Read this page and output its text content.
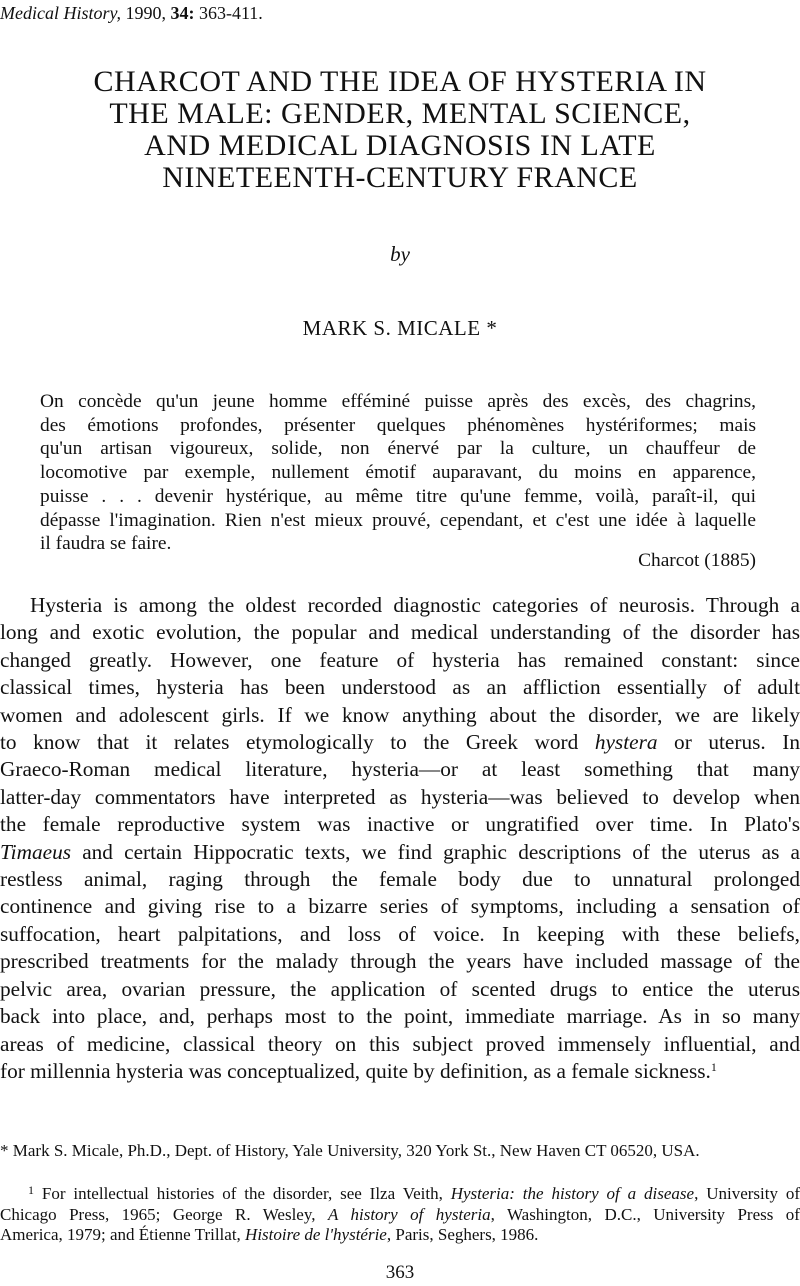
Medical History, 1990, 34: 363-411.
CHARCOT AND THE IDEA OF HYSTERIA IN
THE MALE: GENDER, MENTAL SCIENCE,
AND MEDICAL DIAGNOSIS IN LATE
NINETEENTH-CENTURY FRANCE
by
MARK S. MICALE *

On concède qu'un jeune homme efféminé puisse après des excès, des chagrins,
des émotions profondes, présenter quelques phénomènes hystériformes; mais
qu'un artisan vigoureux, solide, non énervé par la culture, un chauffeur de
locomotive par exemple, nullement émotif auparavant, du moins en apparence,
puisse . . . devenir hystérique, au même titre qu'une femme, voilà, paraît-il, qui
dépasse l'imagination. Rien n'est mieux prouvé, cependant, et c'est une idée à laquelle
il faudra se faire.

Charcot (1885)

Hysteria is among the oldest recorded diagnostic categories of neurosis. Through a
long and exotic evolution, the popular and medical understanding of the disorder has
changed greatly. However, one feature of hysteria has remained constant: since
classical times, hysteria has been understood as an affliction essentially of adult
women and adolescent girls. If we know anything about the disorder, we are likely
to know that it relates etymologically to the Greek word hystera or uterus. In
Graeco-Roman medical literature, hysteria—or at least something that many
latter-day commentators have interpreted as hysteria—was believed to develop when
the female reproductive system was inactive or ungratified over time. In Plato's
Timaeus and certain Hippocratic texts, we find graphic descriptions of the uterus as a
restless animal, raging through the female body due to unnatural prolonged
continence and giving rise to a bizarre series of symptoms, including a sensation of
suffocation, heart palpitations, and loss of voice. In keeping with these beliefs,
prescribed treatments for the malady through the years have included massage of the
pelvic area, ovarian pressure, the application of scented drugs to entice the uterus
back into place, and, perhaps most to the point, immediate marriage. As in so many
areas of medicine, classical theory on this subject proved immensely influential, and
for millennia hysteria was conceptualized, quite by definition, as a female sickness.$^1$

* Mark S. Micale, Ph.D., Dept. of History, Yale University, 320 York St., New Haven CT 06520, USA.

$^1$ For intellectual histories of the disorder, see Ilza Veith, Hysteria: the history of a disease, University of
Chicago Press, 1965; George R. Wesley, A history of hysteria, Washington, D.C., University Press of
America, 1979; and Étienne Trillat, Histoire de l'hystérie, Paris, Seghers, 1986.

363
